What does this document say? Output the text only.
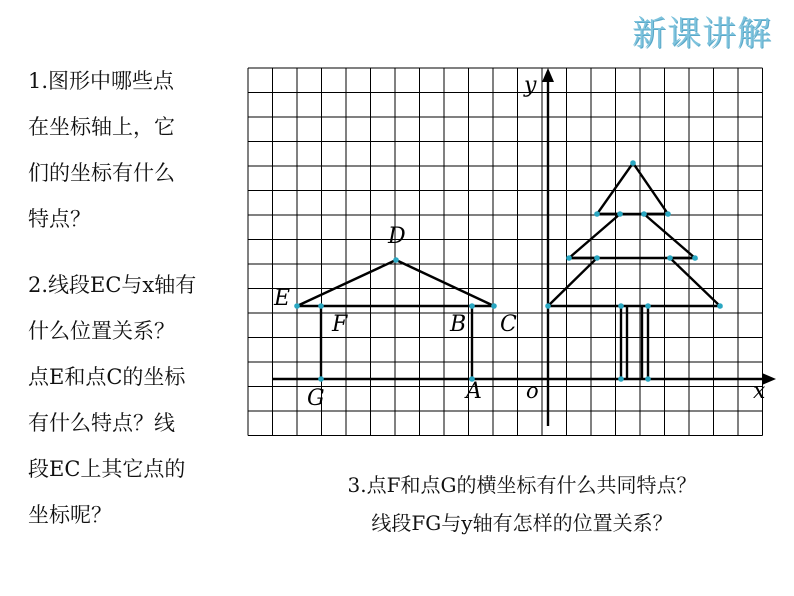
新课讲解
1.图形中哪些点
在坐标轴上，它
们的坐标有什么
特点？
2.线段EC与x轴有
什么位置关系？
点E和点C的坐标
有什么特点？线
段EC上其它点的
坐标呢？
3.点F和点G的横坐标有什么共同特点？
线段FG与y轴有怎样的位置关系？
y
x
o
D
E
F	B C
G	A
